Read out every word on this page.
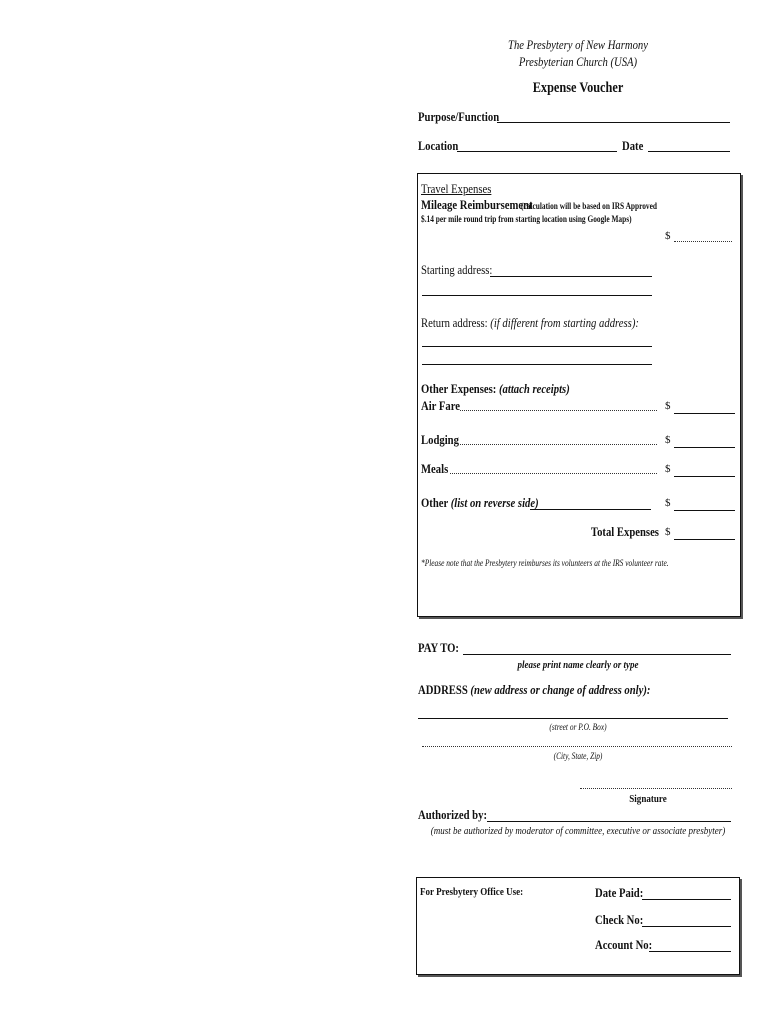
The Presbytery of New Harmony
Presbyterian Church (USA)
Expense Voucher
Purpose/Function
Location	Date
Travel Expenses
Mileage Reimbursement
(calculation will be based on IRS Approved
$.14 per mile round trip from starting location using Google Maps)
$
Starting address:
Return address: (if different from starting address):
Other Expenses: (attach receipts)
Air Fare	$
Lodging	$
Meals	$
Other (list on reverse side)	$
Total Expenses $
*Please note that the Presbytery reimburses its volunteers at the IRS volunteer rate.
PAY TO:
please print name clearly or type
ADDRESS (new address or change of address only):
(street or P.O. Box)
(City, State, Zip)
Signature
Authorized by:
(must be authorized by moderator of committee, executive or associate presbyter)
For Presbytery Office Use:	Date Paid:
Check No:
Account No:
